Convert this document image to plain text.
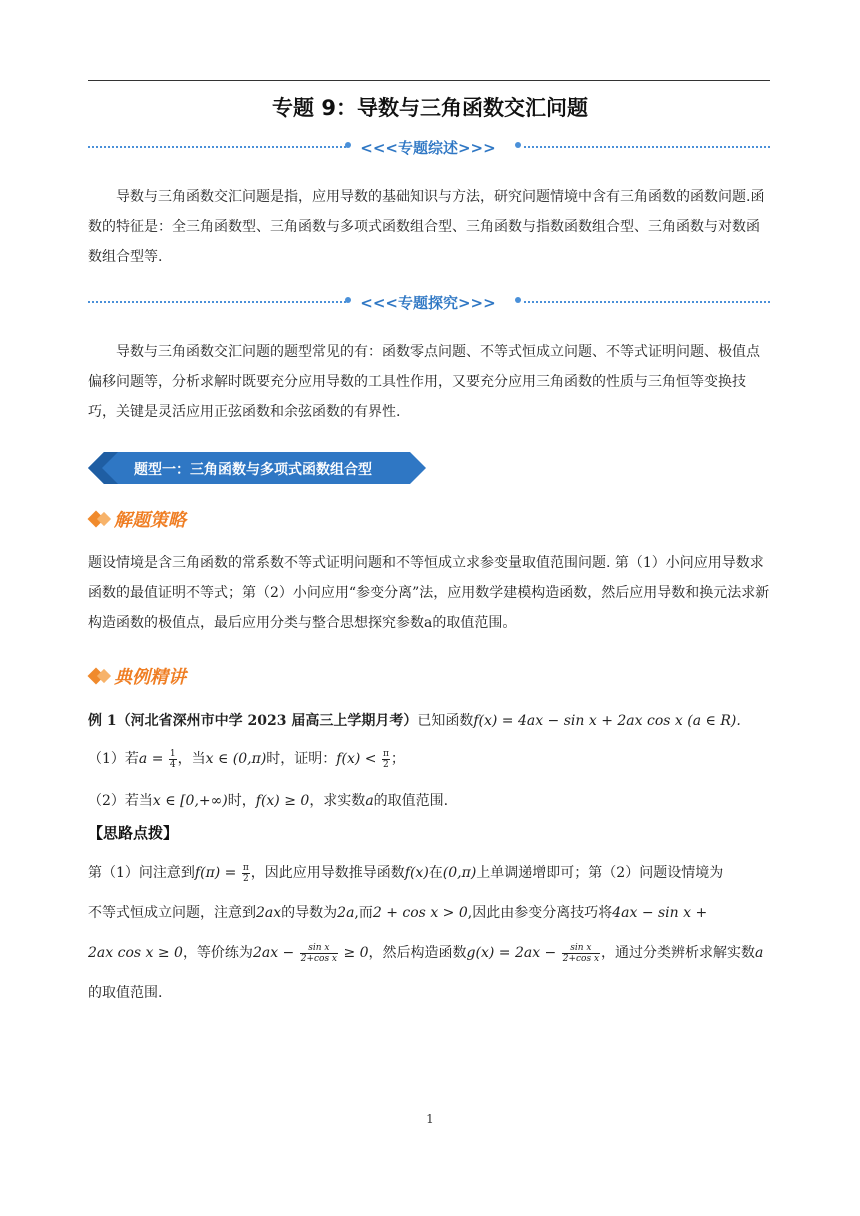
专题 9：导数与三角函数交汇问题
<<<专题综述>>>
导数与三角函数交汇问题是指，应用导数的基础知识与方法，研究问题情境中含有三角函数的函数问题.函数的特征是：全三角函数型、三角函数与多项式函数组合型、三角函数与指数函数组合型、三角函数与对数函数组合型等.
<<<专题探究>>>
导数与三角函数交汇问题的题型常见的有：函数零点问题、不等式恒成立问题、不等式证明问题、极值点偏移问题等，分析求解时既要充分应用导数的工具性作用，又要充分应用三角函数的性质与三角恒等变换技巧，关键是灵活应用正弦函数和余弦函数的有界性.
题型一：三角函数与多项式函数组合型
解题策略
题设情境是含三角函数的常系数不等式证明问题和不等恒成立求参变量取值范围问题. 第（1）小问应用导数求函数的最值证明不等式；第（2）小问应用“参变分离”法，应用数学建模构造函数，然后应用导数和换元法求新构造函数的极值点，最后应用分类与整合思想探究参数a的取值范围。
典例精讲
例 1（河北省深州市中学 2023 届高三上学期月考）已知函数f(x) = 4ax − sin x + 2ax cos x (a ∈ R).
（1）若$a = \frac{1}{4}$ ，当x ∈ (0,π)时，证明：$f(x) < \frac{\pi}{2}$ ；
（2）若当x ∈ [0,+∞)时，f(x) ≥ 0，求实数a的取值范围.
【思路点拨】
第（1）问注意到$f(\pi) = \frac{\pi}{2}$ ，因此应用导数推导函数f(x)在(0,π)上单调递增即可；第（2）问题设情境为
不等式恒成立问题，注意到2ax的导数为2a,而2 + cos x > 0,因此由参变分离技巧将4ax − sin x +
2ax cos x ≥ 0，等价练为$2ax - \frac{\text{sin x}}{\text{2+cos x}} \ge 0$，然后构造函数$g(x) = 2ax - \frac{\text{sin x}}{\text{2+cos x}}$ ，通过分类辨析求解实数a
的取值范围.
1
